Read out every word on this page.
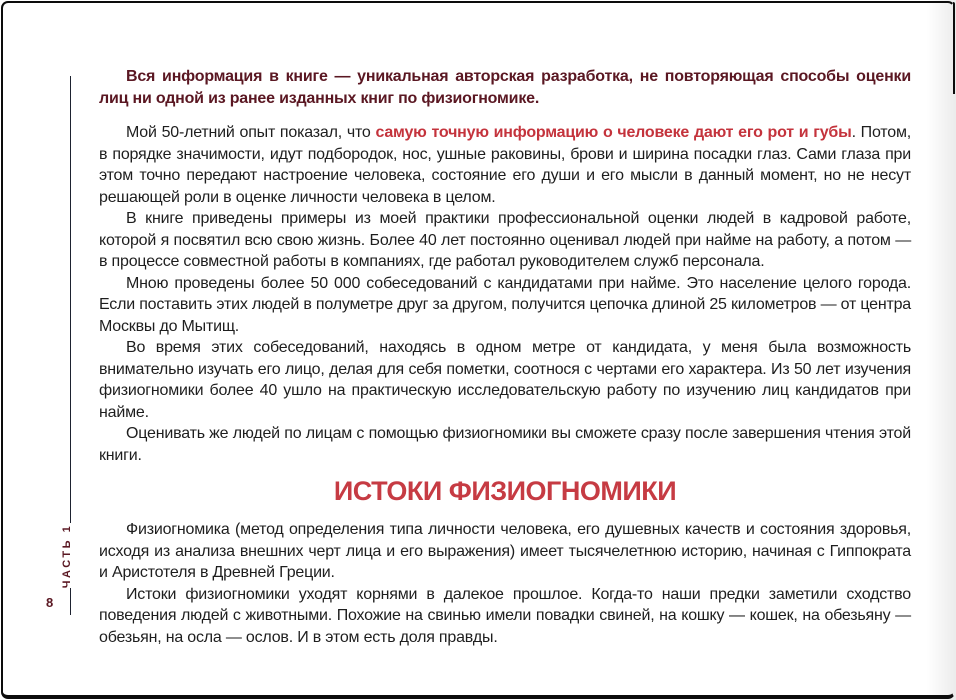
ЧАСТЬ 1
8

Вся информация в книге — уникальная авторская разработка, не повторяющая способы оценки лиц ни одной из ранее изданных книг по физиогномике.

Мой 50-летний опыт показал, что самую точную информацию о человеке дают его рот и губы. Потом, в порядке значимости, идут подбородок, нос, ушные раковины, брови и ширина посадки глаз. Сами глаза при этом точно передают настроение человека, состояние его души и его мысли в данный момент, но не несут решающей роли в оценке личности человека в целом.

В книге приведены примеры из моей практики профессиональной оценки людей в кадровой работе, которой я посвятил всю свою жизнь. Более 40 лет постоянно оценивал людей при найме на работу, а потом — в процессе совместной работы в компаниях, где работал руководителем служб персонала.

Мною проведены более 50 000 собеседований с кандидатами при найме. Это население целого города. Если поставить этих людей в полуметре друг за другом, получится цепочка длиной 25 километров — от центра Москвы до Мытищ.

Во время этих собеседований, находясь в одном метре от кандидата, у меня была возможность внимательно изучать его лицо, делая для себя пометки, соотнося с чертами его характера. Из 50 лет изучения физиогномики более 40 ушло на практическую исследовательскую работу по изучению лиц кандидатов при найме.

Оценивать же людей по лицам с помощью физиогномики вы сможете сразу после завершения чтения этой книги.

ИСТОКИ ФИЗИОГНОМИКИ

Физиогномика (метод определения типа личности человека, его душевных качеств и состояния здоровья, исходя из анализа внешних черт лица и его выражения) имеет тысячелетнюю историю, начиная с Гиппократа и Аристотеля в Древней Греции.

Истоки физиогномики уходят корнями в далекое прошлое. Когда-то наши предки заметили сходство поведения людей с животными. Похожие на свинью имели повадки свиней, на кошку — кошек, на обезьяну — обезьян, на осла — ослов. И в этом есть доля правды.
